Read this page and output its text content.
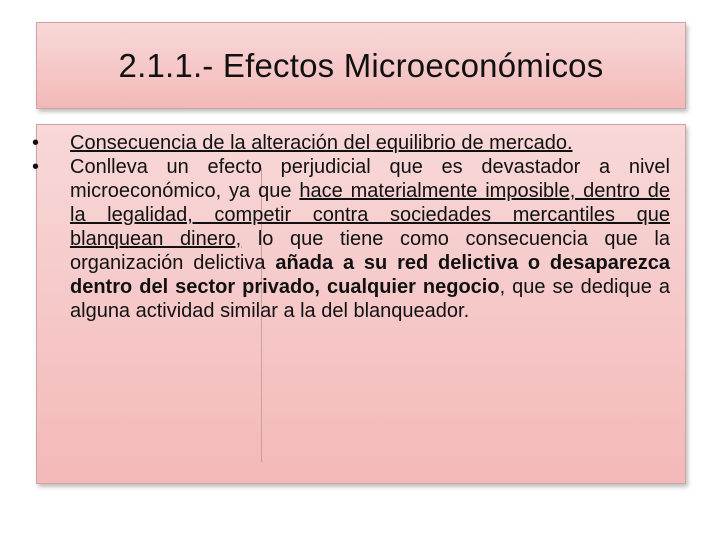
2.1.1.- Efectos Microeconómicos

• Consecuencia de la alteración del equilibrio de mercado.

• Conlleva un efecto perjudicial que es devastador a nivel microeconómico, ya que hace materialmente imposible, dentro de la legalidad, competir contra sociedades mercantiles que blanquean dinero, lo que tiene como consecuencia que la organización delictiva añada a su red delictiva o desaparezca dentro del sector privado, cualquier negocio, que se dedique a alguna actividad similar a la del blanqueador.
